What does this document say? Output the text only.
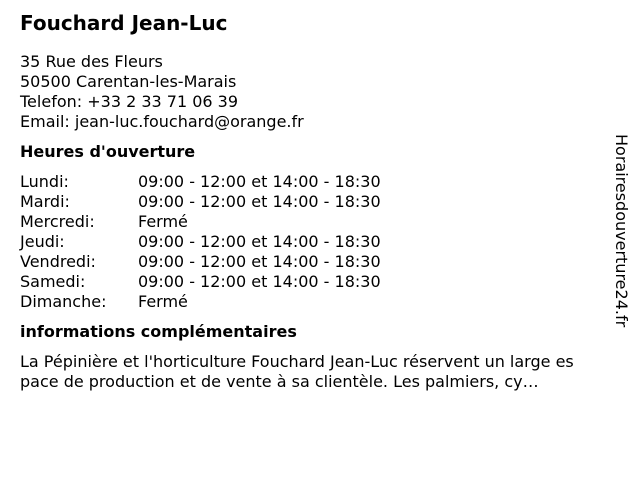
Fouchard Jean-Luc
35 Rue des Fleurs
50500 Carentan-les-Marais
Telefon: +33 2 33 71 06 39
Email: jean-luc.fouchard@orange.fr
Heures d'ouverture
Lundi:	09:00 - 12:00 et 14:00 - 18:30
Mardi:	09:00 - 12:00 et 14:00 - 18:30
Mercredi:	Fermé
Jeudi:	09:00 - 12:00 et 14:00 - 18:30
Vendredi:	09:00 - 12:00 et 14:00 - 18:30
Samedi:	09:00 - 12:00 et 14:00 - 18:30
Dimanche:	Fermé
informations complémentaires
La Pépinière et l'horticulture Fouchard Jean-Luc réservent un large espace de production et de vente à sa clientèle. Les palmiers, cy…
Horairesdouverture24.fr
